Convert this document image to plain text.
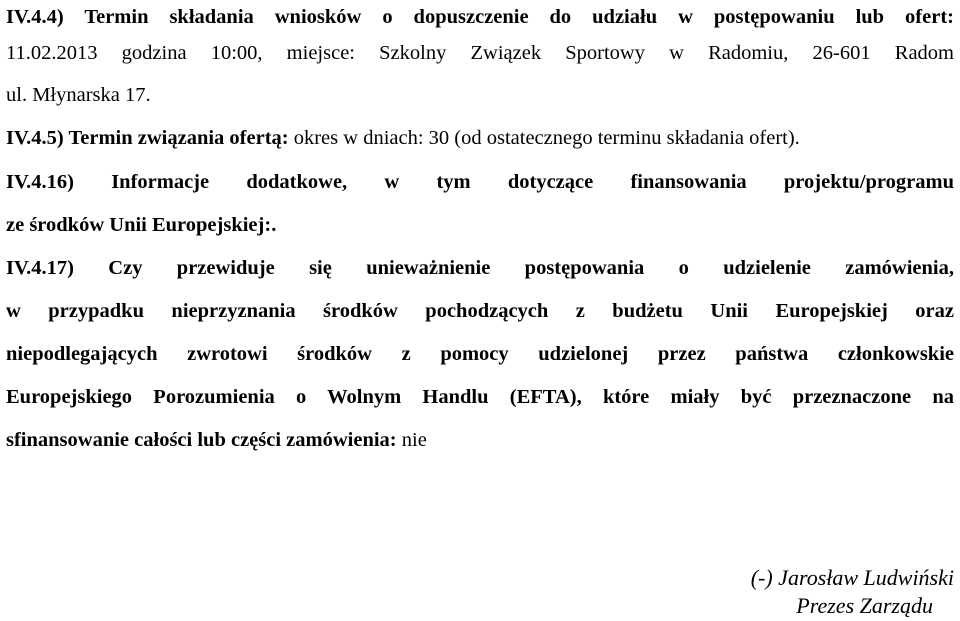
IV.4.4) Termin składania wniosków o dopuszczenie do udziału w postępowaniu lub ofert:
11.02.2013 godzina 10:00, miejsce: Szkolny Związek Sportowy w Radomiu, 26-601 Radom
ul. Młynarska 17.
IV.4.5) Termin związania ofertą: okres w dniach: 30 (od ostatecznego terminu składania ofert).
IV.4.16) Informacje dodatkowe, w tym dotyczące finansowania projektu/programu
ze środków Unii Europejskiej:.
IV.4.17) Czy przewiduje się unieważnienie postępowania o udzielenie zamówienia,
w przypadku nieprzyznania środków pochodzących z budżetu Unii Europejskiej oraz
niepodlegających zwrotowi środków z pomocy udzielonej przez państwa członkowskie
Europejskiego Porozumienia o Wolnym Handlu (EFTA), które miały być przeznaczone na
sfinansowanie całości lub części zamówienia: nie
(-) Jarosław Ludwiński
Prezes Zarządu
